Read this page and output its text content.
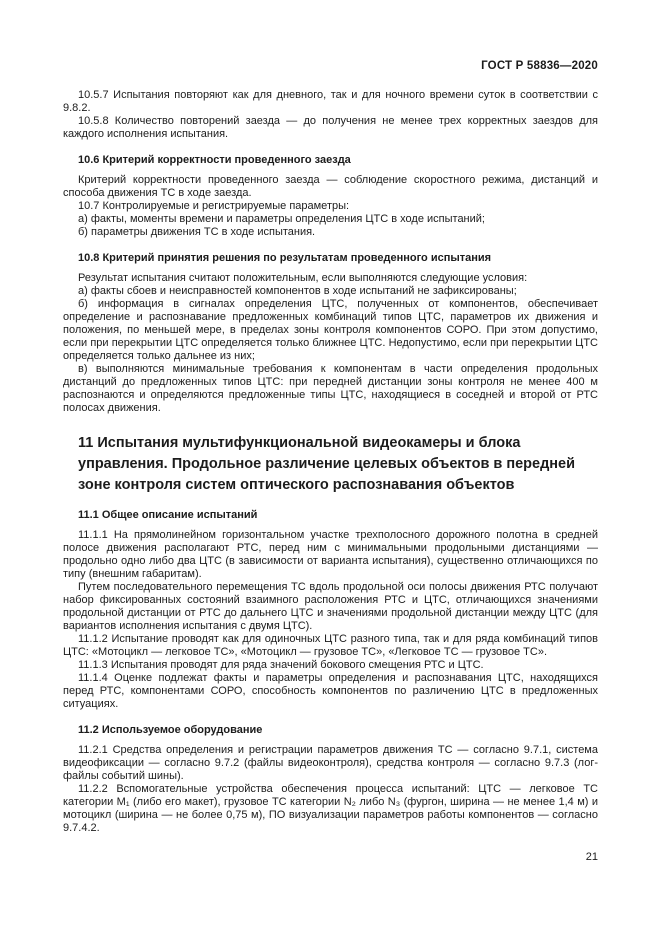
ГОСТ Р 58836—2020

10.5.7 Испытания повторяют как для дневного, так и для ночного времени суток в соответствии с 9.8.2.

10.5.8 Количество повторений заезда — до получения не менее трех корректных заездов для каждого исполнения испытания.

10.6 Критерий корректности проведенного заезда

Критерий корректности проведенного заезда — соблюдение скоростного режима, дистанций и способа движения ТС в ходе заезда.

10.7 Контролируемые и регистрируемые параметры:

а) факты, моменты времени и параметры определения ЦТС в ходе испытаний;

б) параметры движения ТС в ходе испытания.

10.8 Критерий принятия решения по результатам проведенного испытания

Результат испытания считают положительным, если выполняются следующие условия:

а) факты сбоев и неисправностей компонентов в ходе испытаний не зафиксированы;

б) информация в сигналах определения ЦТС, полученных от компонентов, обеспечивает определение и распознавание предложенных комбинаций типов ЦТС, параметров их движения и положения, по меньшей мере, в пределах зоны контроля компонентов СОРО. При этом допустимо, если при перекрытии ЦТС определяется только ближнее ЦТС. Недопустимо, если при перекрытии ЦТС определяется только дальнее из них;

в) выполняются минимальные требования к компонентам в части определения продольных дистанций до предложенных типов ЦТС: при передней дистанции зоны контроля не менее 400 м распознаются и определяются предложенные типы ЦТС, находящиеся в соседней и второй от РТС полосах движения.

11 Испытания мультифункциональной видеокамеры и блока управления. Продольное различение целевых объектов в передней зоне контроля систем оптического распознавания объектов
11.1 Общее описание испытаний

11.1.1 На прямолинейном горизонтальном участке трехполосного дорожного полотна в средней полосе движения располагают РТС, перед ним с минимальными продольными дистанциями — продольно одно либо два ЦТС (в зависимости от варианта испытания), существенно отличающихся по типу (внешним габаритам).

Путем последовательного перемещения ТС вдоль продольной оси полосы движения РТС получают набор фиксированных состояний взаимного расположения РТС и ЦТС, отличающихся значениями продольной дистанции от РТС до дальнего ЦТС и значениями продольной дистанции между ЦТС (для вариантов исполнения испытания с двумя ЦТС).

11.1.2 Испытание проводят как для одиночных ЦТС разного типа, так и для ряда комбинаций типов ЦТС: «Мотоцикл — легковое ТС», «Мотоцикл — грузовое ТС», «Легковое ТС — грузовое ТС».

11.1.3 Испытания проводят для ряда значений бокового смещения РТС и ЦТС.

11.1.4 Оценке подлежат факты и параметры определения и распознавания ЦТС, находящихся перед РТС, компонентами СОРО, способность компонентов по различению ЦТС в предложенных ситуациях.

11.2 Используемое оборудование

11.2.1 Средства определения и регистрации параметров движения ТС — согласно 9.7.1, система видеофиксации — согласно 9.7.2 (файлы видеоконтроля), средства контроля — согласно 9.7.3 (лог-файлы событий шины).

11.2.2 Вспомогательные устройства обеспечения процесса испытаний: ЦТС — легковое ТС категории M₁ (либо его макет), грузовое ТС категории N₂ либо N₃ (фургон, ширина — не менее 1,4 м) и мотоцикл (ширина — не более 0,75 м), ПО визуализации параметров работы компонентов — согласно 9.7.4.2.

21
